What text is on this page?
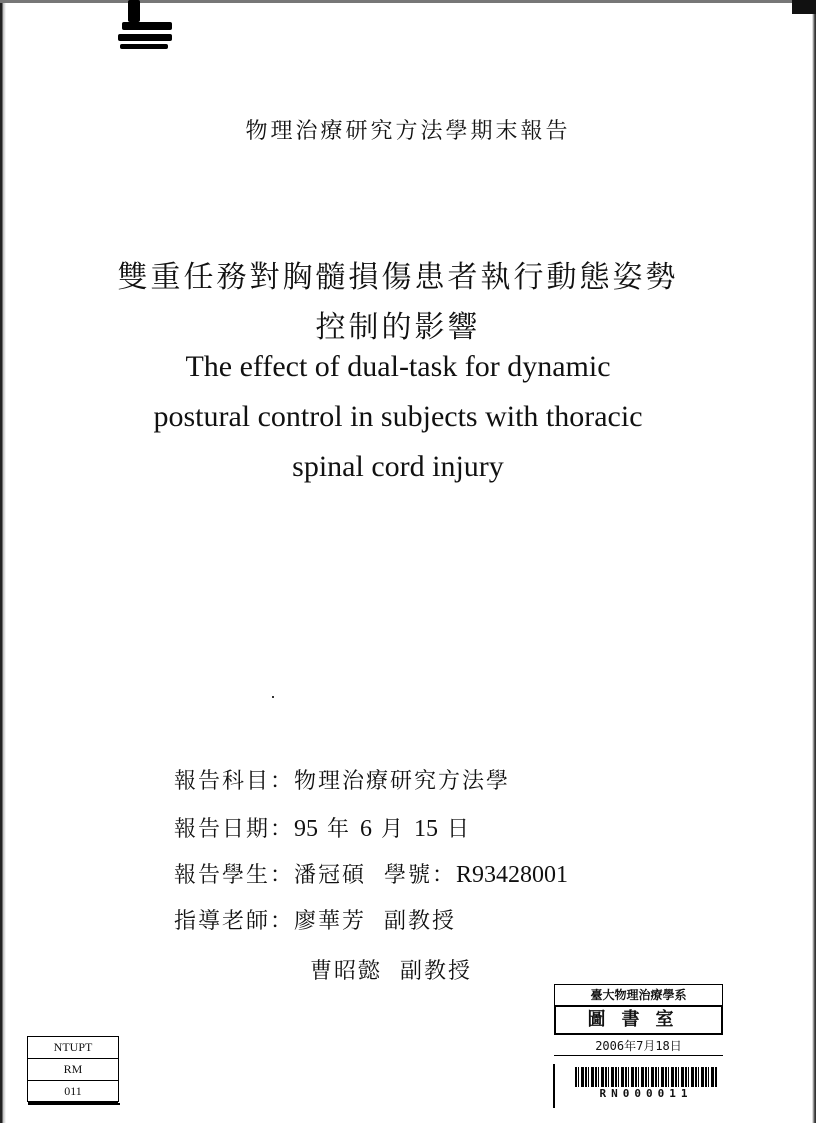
物理治療研究方法學期末報告
雙重任務對胸髓損傷患者執行動態姿勢
控制的影響
The effect of dual-task for dynamic
postural control in subjects with thoracic
spinal cord injury
報告科目：物理治療研究方法學
報告日期：95 年 6 月 15 日
報告學生：潘冠碩 學號：R93428001
指導老師：廖華芳 副教授
曹昭懿 副教授
NTUPT
RM
011
臺大物理治療學系
圖書室
2006年7月18日
RN000011
